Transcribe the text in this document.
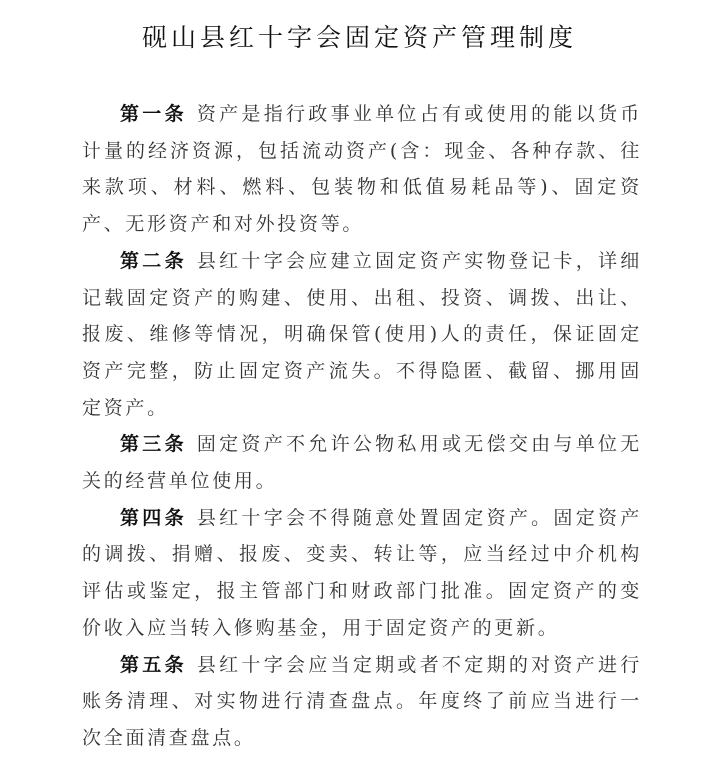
砚山县红十字会固定资产管理制度

第一条 资产是指行政事业单位占有或使用的能以货币计量的经济资源，包括流动资产(含：现金、各种存款、往来款项、材料、燃料、包装物和低值易耗品等)、固定资产、无形资产和对外投资等。

第二条 县红十字会应建立固定资产实物登记卡，详细记载固定资产的购建、使用、出租、投资、调拨、出让、报废、维修等情况，明确保管(使用)人的责任，保证固定资产完整，防止固定资产流失。不得隐匿、截留、挪用固定资产。

第三条 固定资产不允许公物私用或无偿交由与单位无关的经营单位使用。

第四条 县红十字会不得随意处置固定资产。固定资产的调拨、捐赠、报废、变卖、转让等，应当经过中介机构评估或鉴定，报主管部门和财政部门批准。固定资产的变价收入应当转入修购基金，用于固定资产的更新。

第五条 县红十字会应当定期或者不定期的对资产进行账务清理、对实物进行清查盘点。年度终了前应当进行一次全面清查盘点。
